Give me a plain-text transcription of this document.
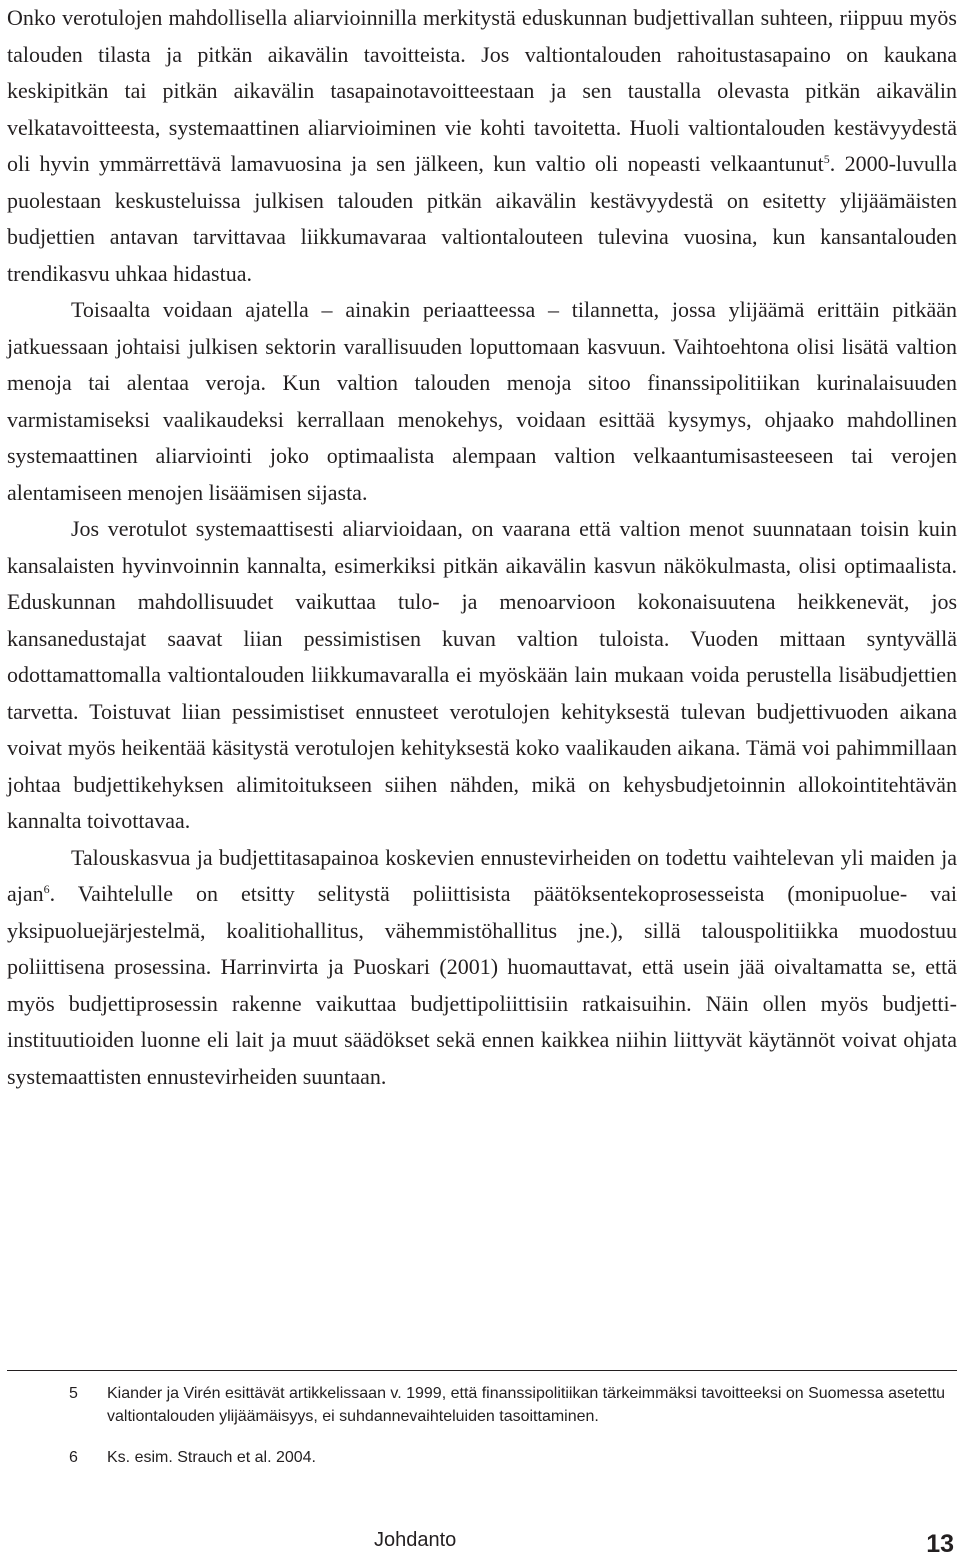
Onko verotulojen mahdollisella aliarvioinnilla merkitystä eduskunnan budjettivallan suhteen, riippuu myös talouden tilasta ja pitkän aikavälin tavoitteista. Jos valtiontalouden rahoitustasapaino on kaukana keskipitkän tai pitkän aikavälin tasapainotavoitteestaan ja sen taustalla olevasta pitkän aikavälin velkatavoitteesta, systemaattinen aliarvioiminen vie kohti tavoitetta. Huoli valtiontalouden kestävyydestä oli hyvin ymmärrettävä lamavuosina ja sen jälkeen, kun valtio oli nopeasti velkaantunut$^5$. 2000-luvulla puolestaan keskusteluissa julkisen talouden pitkän aikavälin kestävyydestä on esitetty ylijäämäisten budjettien antavan tarvittavaa liikkumavaraa valtiontalouteen tulevina vuosina, kun kansantalouden trendikasvu uhkaa hidastua.

Toisaalta voidaan ajatella – ainakin periaatteessa – tilannetta, jossa ylijäämä erittäin pitkään jatkuessaan johtaisi julkisen sektorin varallisuuden loputtomaan kasvuun. Vaihtoehtona olisi lisätä valtion menoja tai alentaa veroja. Kun valtion talouden menoja sitoo finanssipolitiikan kurinalaisuuden varmistamiseksi vaalikaudeksi kerrallaan menokehys, voidaan esittää kysymys, ohjaako mahdollinen systemaattinen aliarviointi joko optimaalista alempaan valtion velkaantumisasteeseen tai verojen alentamiseen menojen lisäämisen sijasta.

Jos verotulot systemaattisesti aliarvioidaan, on vaarana että valtion menot suunnataan toisin kuin kansalaisten hyvinvoinnin kannalta, esimerkiksi pitkän aikavälin kasvun näkökulmasta, olisi optimaalista. Eduskunnan mahdollisuudet vaikuttaa tulo- ja menoarvioon kokonaisuutena heikkenevät, jos kansanedustajat saavat liian pessimistisen kuvan valtion tuloista. Vuoden mittaan syntyvällä odottamattomalla valtiontalouden liikkumavaralla ei myöskään lain mukaan voida perustella lisäbudjettien tarvetta. Toistuvat liian pessimistiset ennusteet verotulojen kehityksestä tulevan budjettivuoden aikana voivat myös heikentää käsitystä verotulojen kehityksestä koko vaalikauden aikana. Tämä voi pahimmillaan johtaa budjettikehyksen alimitoitukseen siihen nähden, mikä on kehysbudjetoinnin allokointitehtävän kannalta toivottavaa.

Talouskasvua ja budjettitasapainoa koskevien ennustevirheiden on todettu vaihtelevan yli maiden ja ajan$^6$. Vaihtelulle on etsitty selitystä poliittisista päätöksentekoprosesseista (monipuolue- vai yksipuoluejärjestelmä, koalitiohallitus, vähemmistöhallitus jne.), sillä talouspolitiikka muodostuu poliittisena prosessina. Harrinvirta ja Puoskari (2001) huomauttavat, että usein jää oivaltamatta se, että myös budjettiprosessin rakenne vaikuttaa budjettipoliittisiin ratkaisuihin. Näin ollen myös budjetti-instituutioiden luonne eli lait ja muut säädökset sekä ennen kaikkea niihin liittyvät käytännöt voivat ohjata systemaattisten ennustevirheiden suuntaan.

5	Kiander ja Virén esittävät artikkelissaan v. 1999, että finanssipolitiikan tärkeimmäksi tavoitteeksi on Suomessa asetettu valtiontalouden ylijäämäisyys, ei suhdannevaihteluiden tasoittaminen.
6	Ks. esim. Strauch et al. 2004.
Johdanto	13
